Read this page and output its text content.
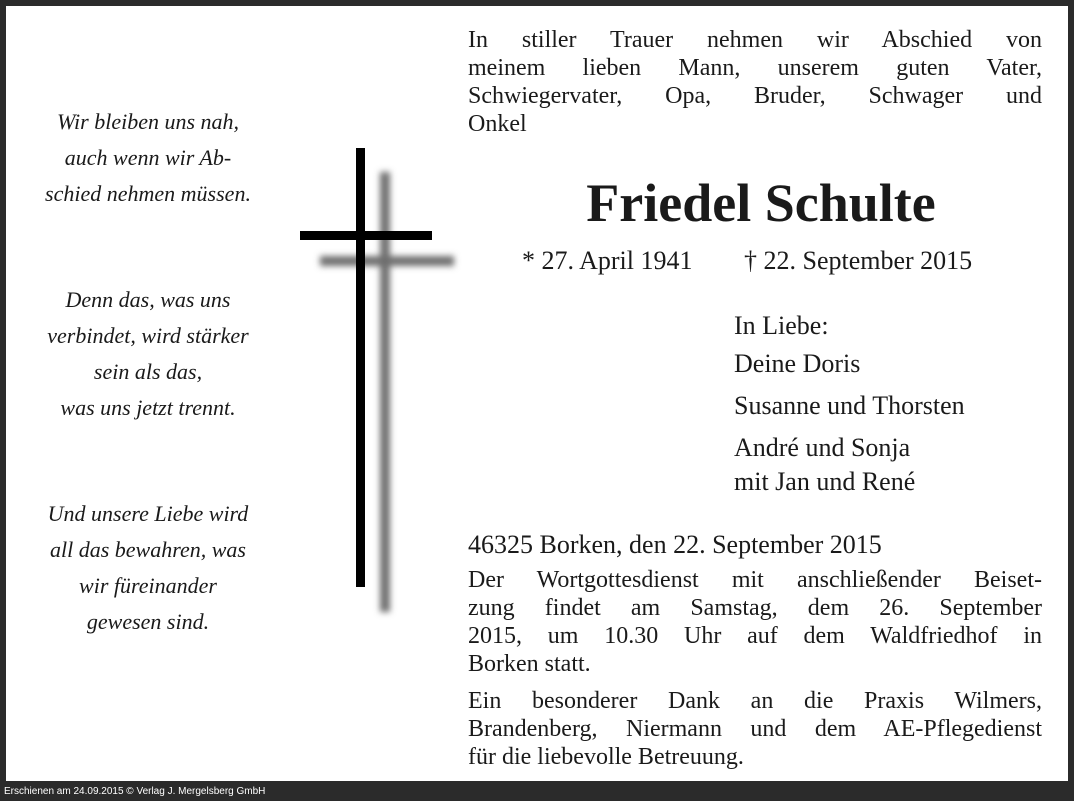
Wir bleiben uns nah,
auch wenn wir Ab-
schied nehmen müssen.
Denn das, was uns
verbindet, wird stärker
sein als das,
was uns jetzt trennt.
Und unsere Liebe wird
all das bewahren, was
wir füreinander
gewesen sind.
In stiller Trauer nehmen wir Abschied von
meinem lieben Mann, unserem guten Vater,
Schwiegervater, Opa, Bruder, Schwager und
Onkel
Friedel Schulte
* 27. April 1941 † 22. September 2015
In Liebe:
Deine Doris
Susanne und Thorsten
André und Sonja
mit Jan und René
46325 Borken, den 22. September 2015
Der Wortgottesdienst mit anschließender Beiset-
zung findet am Samstag, dem 26. September
2015, um 10.30 Uhr auf dem Waldfriedhof in
Borken statt.
Ein besonderer Dank an die Praxis Wilmers,
Brandenberg, Niermann und dem AE-Pflegedienst
für die liebevolle Betreuung.
Erschienen am 24.09.2015 © Verlag J. Mergelsberg GmbH
